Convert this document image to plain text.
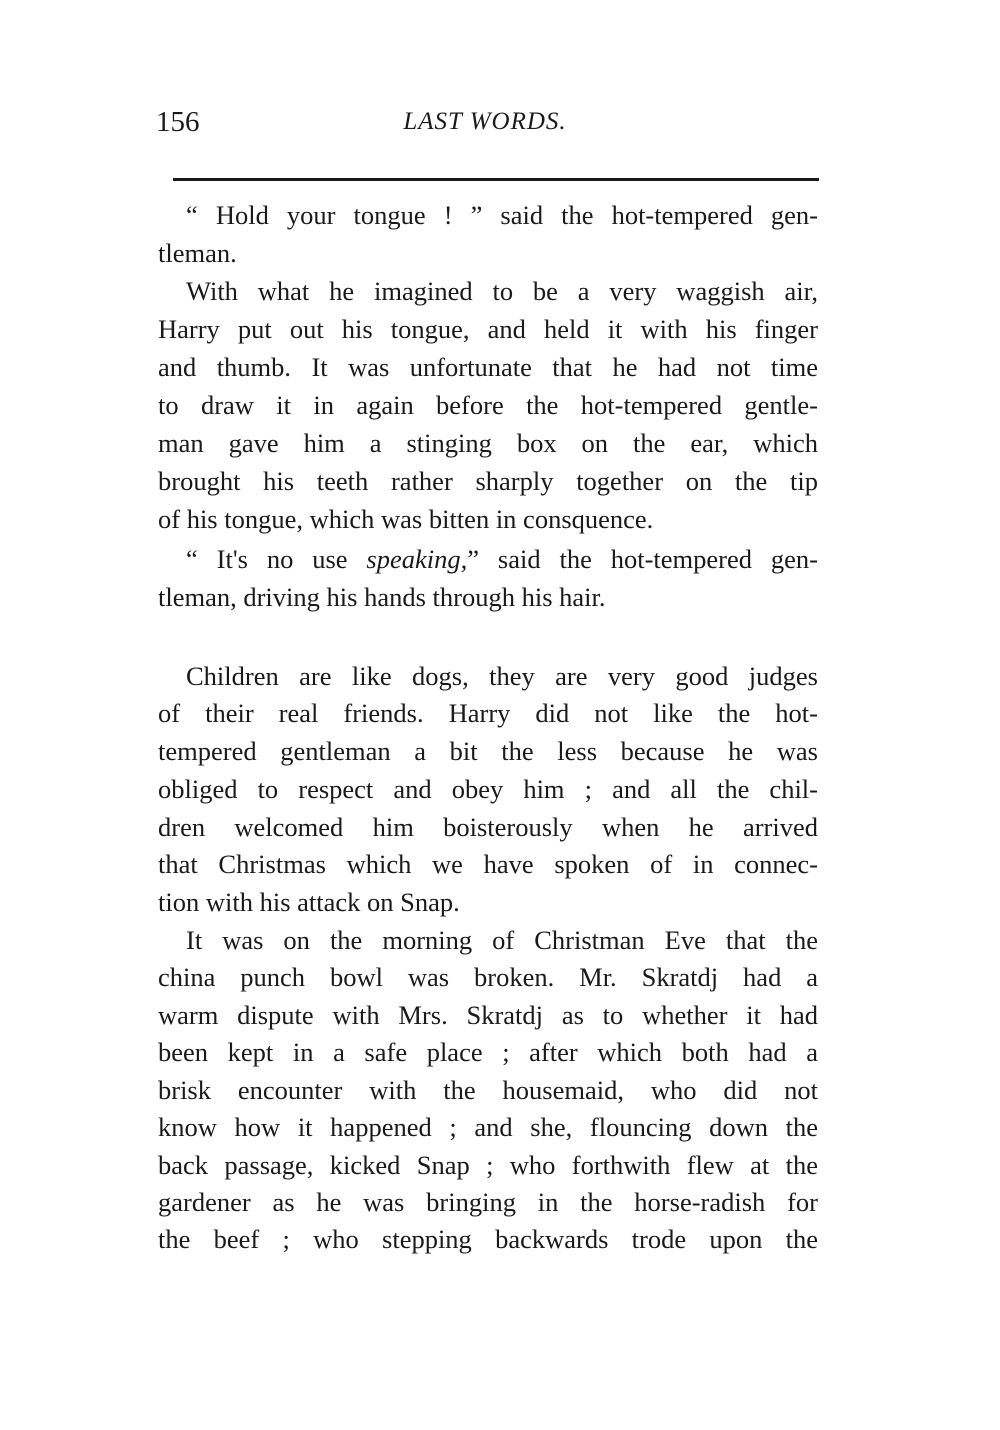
156	LAST WORDS.
“ Hold your tongue ! ” said the hot-tempered gen-
tleman.
With what he imagined to be a very waggish air,
Harry put out his tongue, and held it with his finger
and thumb. It was unfortunate that he had not time
to draw it in again before the hot-tempered gentle-
man gave him a stinging box on the ear, which
brought his teeth rather sharply together on the tip
of his tongue, which was bitten in consquence.
“ It's no use speaking,” said the hot-tempered gen-
tleman, driving his hands through his hair.
Children are like dogs, they are very good judges
of their real friends. Harry did not like the hot-
tempered gentleman a bit the less because he was
obliged to respect and obey him ; and all the chil-
dren welcomed him boisterously when he arrived
that Christmas which we have spoken of in connec-
tion with his attack on Snap.
It was on the morning of Christman Eve that the
china punch bowl was broken. Mr. Skratdj had a
warm dispute with Mrs. Skratdj as to whether it had
been kept in a safe place ; after which both had a
brisk encounter with the housemaid, who did not
know how it happened ; and she, flouncing down the
back passage, kicked Snap ; who forthwith flew at the
gardener as he was bringing in the horse-radish for
the beef ; who stepping backwards trode upon the
